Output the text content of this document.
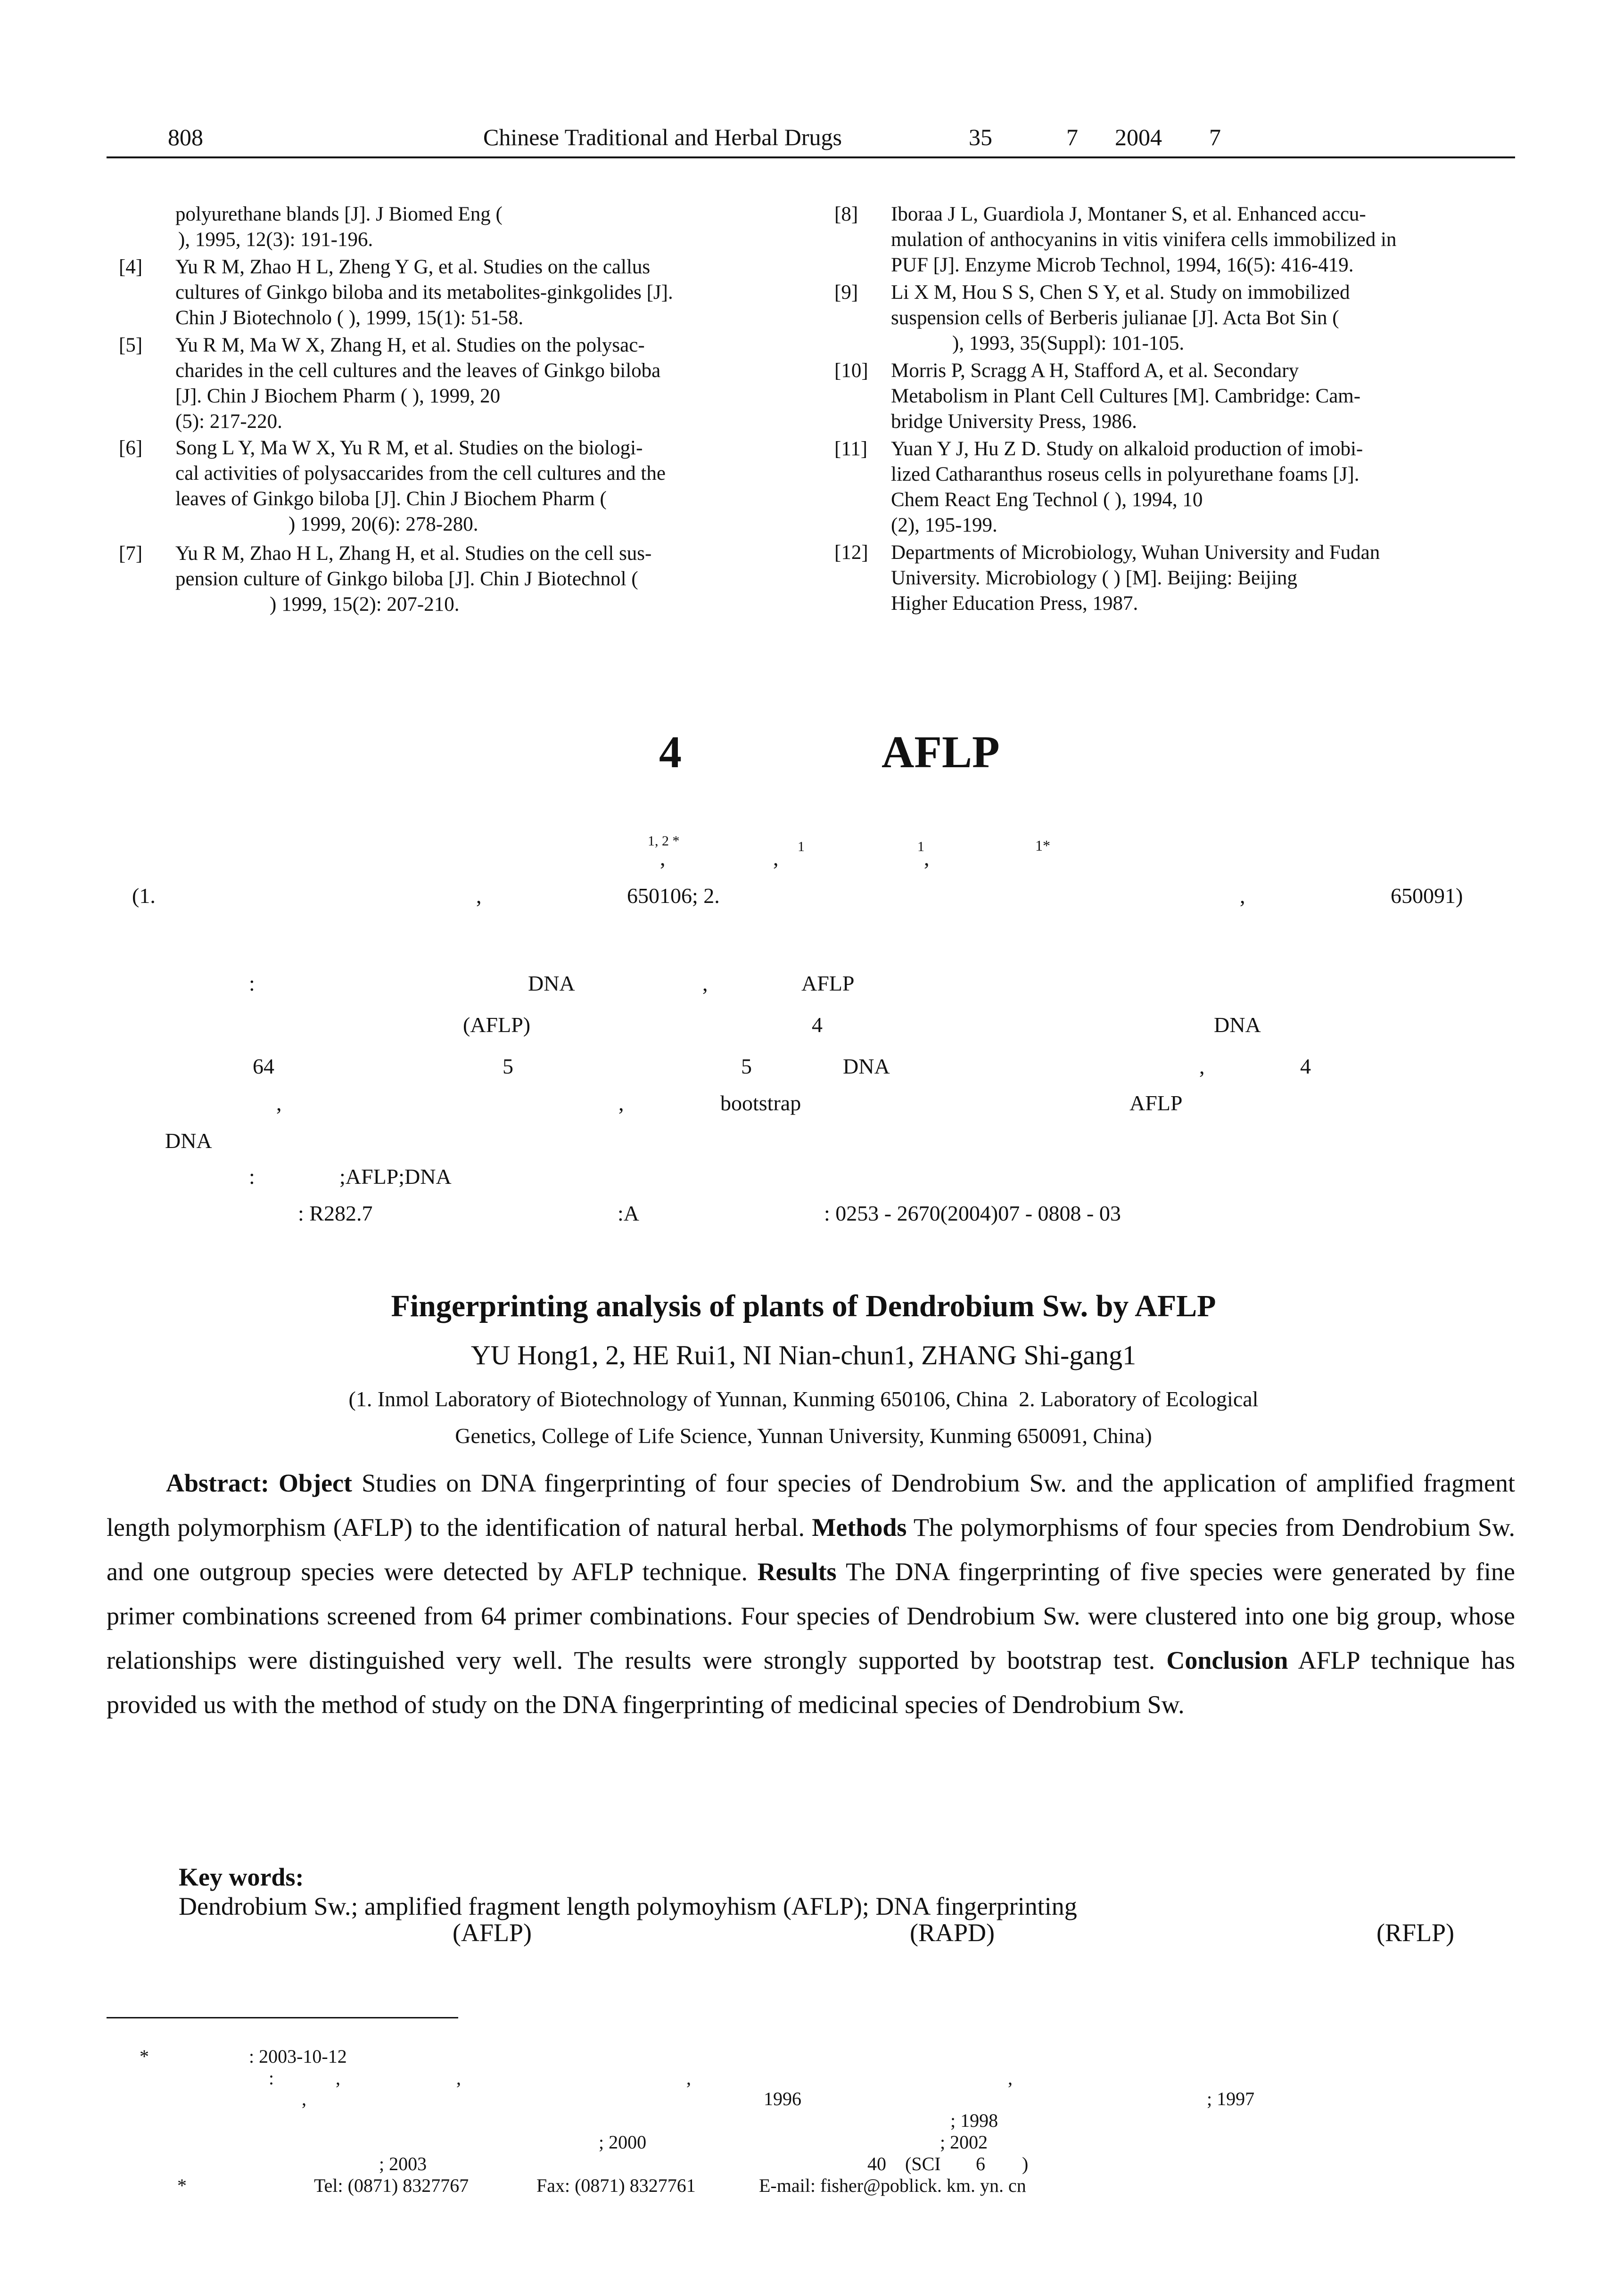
808	Chinese Traditional and Herbal Drugs	35	7 2004 7
polyurethane blands [J]. J Biomed Eng (
), 1995, 12(3): 191-196.
[4] Yu R M, Zhao H L, Zheng Y G, et al. Studies on the callus
cultures of Ginkgo biloba and its metabolites-ginkgolides [J].
Chin J Biotechnolo ( ), 1999, 15(1): 51-58.
[5] Yu R M, Ma W X, Zhang H, et al. Studies on the polysac-
charides in the cell cultures and the leaves of Ginkgo biloba
[J]. Chin J Biochem Pharm ( ), 1999, 20
(5): 217-220.
[6] Song L Y, Ma W X, Yu R M, et al. Studies on the biologi-
cal activities of polysaccarides from the cell cultures and the
leaves of Ginkgo biloba [J]. Chin J Biochem Pharm (
) 1999, 20(6): 278-280.
[7] Yu R M, Zhao H L, Zhang H, et al. Studies on the cell sus-
pension culture of Ginkgo biloba [J]. Chin J Biotechnol (
) 1999, 15(2): 207-210.
[8] Iboraa J L, Guardiola J, Montaner S, et al. Enhanced accu-
mulation of anthocyanins in vitis vinifera cells immobilized in
PUF [J]. Enzyme Microb Technol, 1994, 16(5): 416-419.
[9] Li X M, Hou S S, Chen S Y, et al. Study on immobilized
suspension cells of Berberis julianae [J]. Acta Bot Sin (
), 1993, 35(Suppl): 101-105.
[10] Morris P, Scragg A H, Stafford A, et al. Secondary
Metabolism in Plant Cell Cultures [M]. Cambridge: Cam-
bridge University Press, 1986.
[11] Yuan Y J, Hu Z D. Study on alkaloid production of imobi-
lized Catharanthus roseus cells in polyurethane foams [J].
Chem React Eng Technol ( ), 1994, 10
(2), 195-199.
[12] Departments of Microbiology, Wuhan University and Fudan
University. Microbiology ( ) [M]. Beijing: Beijing
Higher Education Press, 1987.
4	AFLP
1, 2 *
,	1
,	1 ,
1*
(1.	,	650106; 2.	,	650091)
:	DNA	,	AFLP
(AFLP)	4	DNA
64	5	5	DNA	,	4
,	,	bootstrap	AFLP
DNA
:	;AFLP;DNA
: R282.7	:A	: 0253 - 2670(2004)07 - 0808 - 03
Fingerprinting analysis of plants of Dendrobium Sw. by AFLP
YU Hong1, 2, HE Rui1, NI Nian-chun1, ZHANG Shi-gang1
(1. Inmol Laboratory of Biotechnology of Yunnan, Kunming 650106, China  2. Laboratory of Ecological
Genetics, College of Life Science, Yunnan University, Kunming 650091, China)
Abstract: Object Studies on DNA fingerprinting of four species of Dendrobium Sw. and the application of amplified fragment length polymorphism (AFLP) to the identification of natural herbal. Methods The polymorphisms of four species from Dendrobium Sw. and one outgroup species were detected by AFLP technique. Results The DNA fingerprinting of five species were generated by fine primer combinations screened from 64 primer combinations. Four species of Dendrobium Sw. were clustered into one big group, whose relationships were distinguished very well. The results were strongly supported by bootstrap test. Conclusion AFLP technique has provided us with the method of study on the DNA fingerprinting of medicinal species of Dendrobium Sw.

Key words:
Dendrobium Sw.; amplified fragment length polymoyhism (AFLP); DNA fingerprinting

(AFLP)	(RAPD)	(RFLP)
*	: 2003-10-12
:	,	,	,	,
,	1996	; 1997
; 1998
; 2000	; 2002
; 2003	40 (SCI 6 )
*	Tel: (0871) 8327767	Fax: (0871) 8327761	E-mail: fisher@poblick. km. yn. cn
